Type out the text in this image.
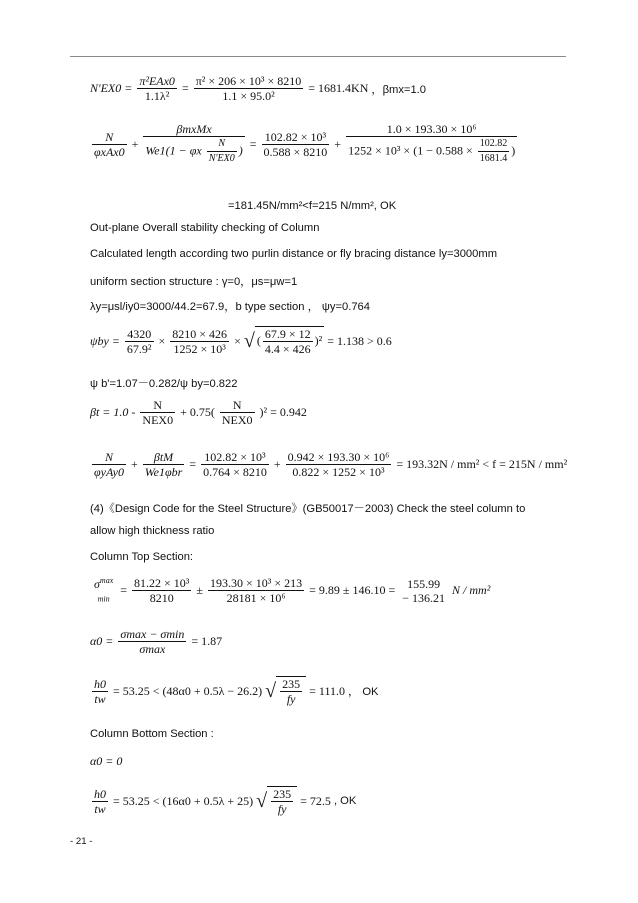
N'EX0 = π²EAx0
1.1λ²
= $\frac{\text{π² × 206 × 10³ × 8210}}{\text{1.1 × 95.0²}} = 1681.4KN$ ，βmx=1.0
N
φxAx0
+
βmxMx
We1(1 − φx $\frac{N}{N'EX0}$ ) = $\frac{\text{102.82 × 10³}}{0.588 \times 8210} + \frac{\text{1.0 × 193.30 × 10⁶}}{1252 \times 10^3 \times (1 - 0.588 \times \frac{102.82}{1681.4} )}$
=181.45N/mm²<f=215 N/mm², OK
Out-plane Overall stability checking of Column
Calculated length according two purlin distance or fly bracing distance ly=3000mm
uniform section structure : γ=0，μs=μw=1
λy=μsl/iy0=3000/44.2=67.9，b type section ， ψy=0.764
$\psi by = \frac{4320}{\text{67.9²}} \times \frac{8210 \times 426}{\text{1252 × 10³}}$ × √ ( $\frac{67.9 \times 12}{4.4 \times 426} )^2 = 1.138 > 0.6$
ψ b'=1.07－0.282/ψ by=0.822
βt = 1.0 -	N
NEX0
+ 0.75(	N
NEX0
)² = 0.942
N
φyAy0
+	βtM
We1φbr
= $\frac{\text{102.82 × 10³}}{0.764 \times 8210} + \frac{\text{0.942 × 193.30 × 10⁶}}{\text{0.822 × 1252 × 10³}} = 193.32N / mm^2 < f = 215N / mm^2$
(4)《Design Code for the Steel Structure》(GB50017－2003) Check the steel column to
allow high thickness ratio
Column Top Section:
$\sigma^{max}$
$_{min}$
= $\frac{\text{81.22 × 10³}}{8210} \pm \frac{\text{193.30 × 10³ × 213}}{\text{28181 × 10⁶}} = 9.89 \pm 146.10 = 155.99$
− 136.21
N / mm²
α0 = σmax − σmin
σmax
= 1.87
$\frac{h0}{tw} = 53.25 < (48\alpha 0 + 0.5\lambda - 26.2)$ √ $\frac{235}{fy} = 111.0$ ， OK
Column Bottom Section :
α0 = 0
$\frac{h0}{tw} = 53.25 < (16\alpha 0 + 0.5\lambda + 25)$ √ $\frac{235}{fy} = 72.5$ , OK
- 21 -
